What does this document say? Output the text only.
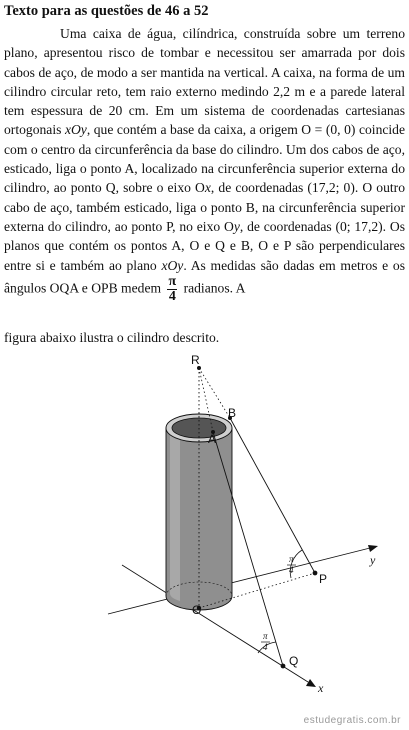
Texto para as questões de 46 a 52
Uma caixa de água, cilíndrica, construída sobre um terreno plano, apresentou risco de tombar e necessitou ser amarrada por dois cabos de aço, de modo a ser mantida na vertical. A caixa, na forma de um cilindro circular reto, tem raio externo medindo 2,2 m e a parede lateral tem espessura de 20 cm. Em um sistema de coordenadas cartesianas ortogonais xOy, que contém a base da caixa, a origem O = (0, 0) coincide com o centro da circunferência da base do cilindro. Um dos cabos de aço, esticado, liga o ponto A, localizado na circunferência superior externa do cilindro, ao ponto Q, sobre o eixo Ox, de coordenadas (17,2; 0). O outro cabo de aço, também esticado, liga o ponto B, na circunferência superior externa do cilindro, ao ponto P, no eixo Oy, de coordenadas (0; 17,2). Os planos que contém os pontos A, O e Q e B, O e P são perpendiculares entre si e também ao plano xOy. As medidas são dadas em metros e os ângulos OQA e OPB medem $\frac{\pi}{4}$ radianos. A
figura abaixo ilustra o cilindro descrito.
R
B
A
O
P
Q
x
y
π
4
π
4
estudegratis.com.br
